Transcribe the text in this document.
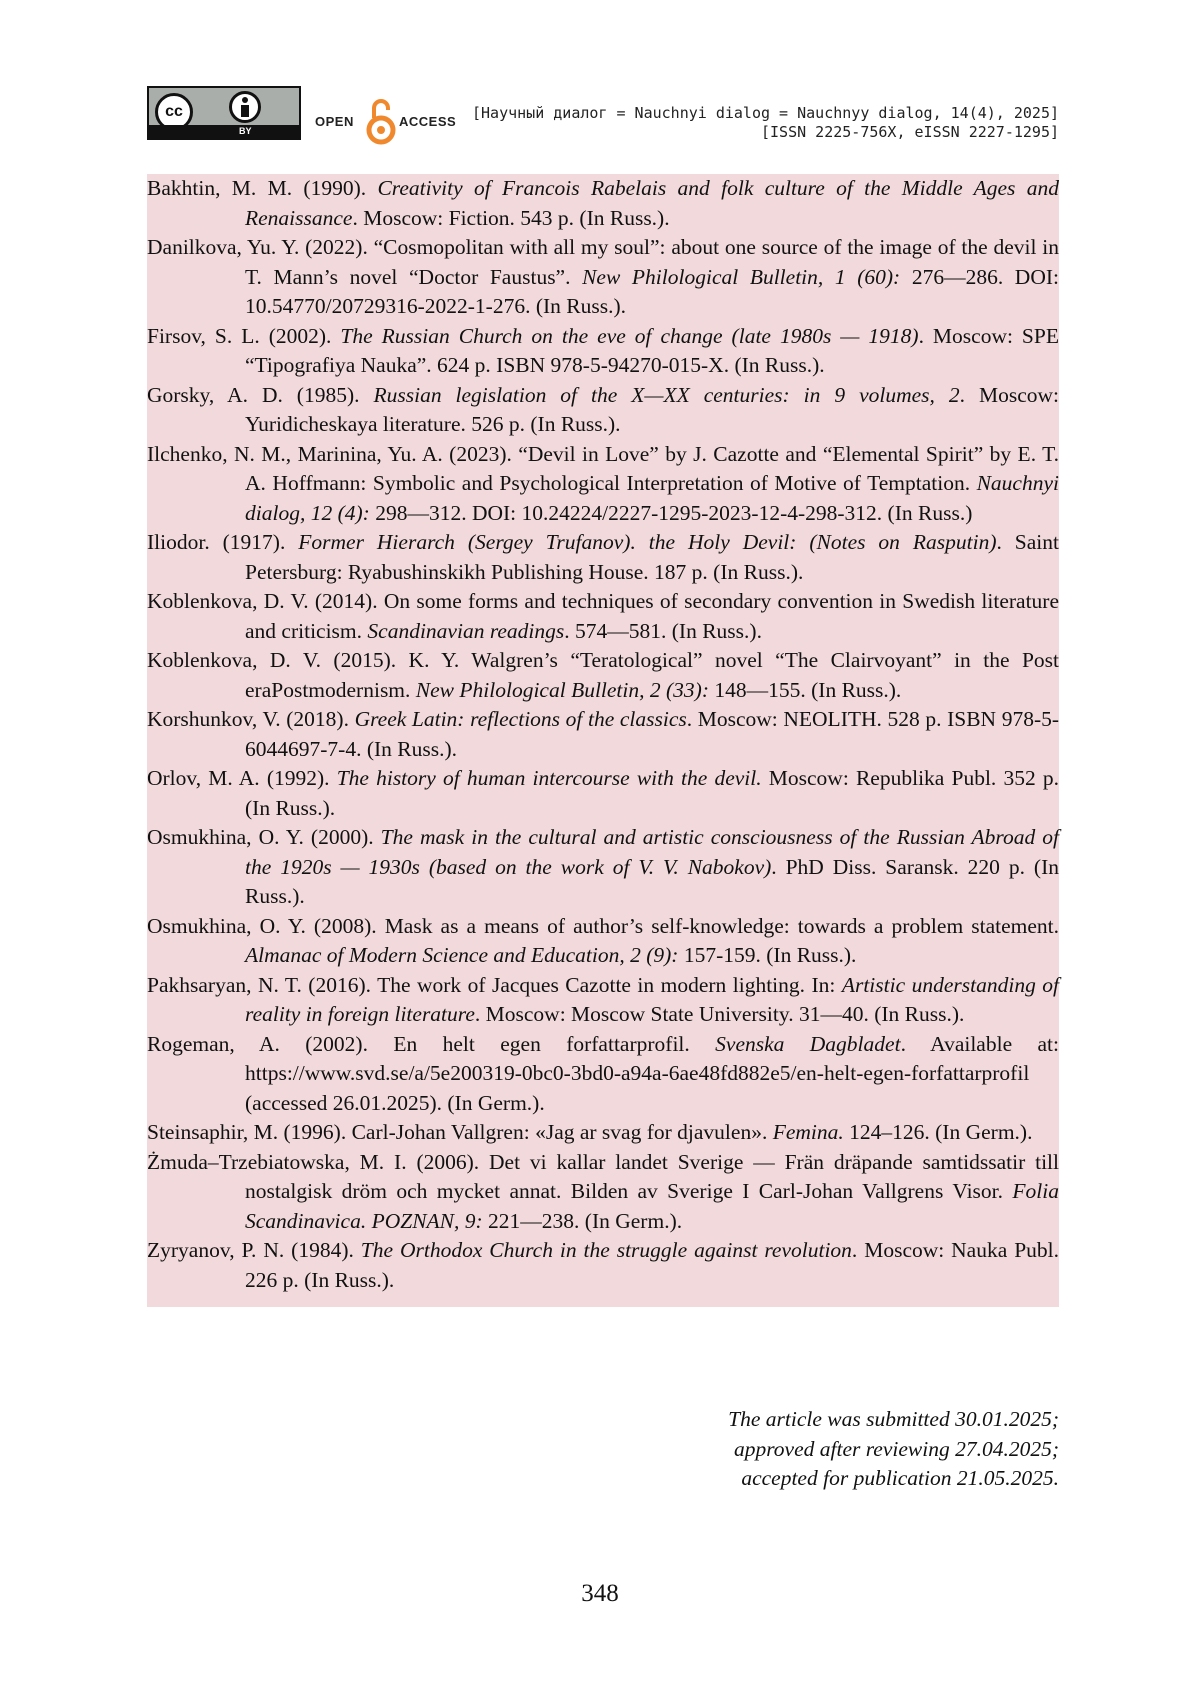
cc
BY
OPEN	ACCESS [Научный диалог = Nauchnyi dialog = Nauchnyy dialog, 14(4), 2025]
[ISSN 2225-756X, eISSN 2227-1295]

Bakhtin, M. M. (1990). Creativity of Francois Rabelais and folk culture of the Middle Ages and Renaissance. Moscow: Fiction. 543 p. (In Russ.).

Danilkova, Yu. Y. (2022). “Cosmopolitan with all my soul”: about one source of the image of the devil in T. Mann’s novel “Doctor Faustus”. New Philological Bulletin, 1 (60): 276—286. DOI: 10.54770/20729316-2022-1-276. (In Russ.).

Firsov, S. L. (2002). The Russian Church on the eve of change (late 1980s — 1918). Moscow: SPE “Tipografiya Nauka”. 624 p. ISBN 978-5-94270-015-X. (In Russ.).

Gorsky, A. D. (1985). Russian legislation of the X—XX centuries: in 9 volumes, 2. Moscow: Yuridicheskaya literature. 526 p. (In Russ.).

Ilchenko, N. M., Marinina, Yu. A. (2023). “Devil in Love” by J. Cazotte and “Elemental Spirit” by E. T. A. Hoffmann: Symbolic and Psychological Interpretation of Motive of Temptation. Nauchnyi dialog, 12 (4): 298—312. DOI: 10.24224/2227-1295-2023-12-4-298-312. (In Russ.)

Iliodor. (1917). Former Hierarch (Sergey Trufanov). the Holy Devil: (Notes on Rasputin). Saint Petersburg: Ryabushinskikh Publishing House. 187 p. (In Russ.).

Koblenkova, D. V. (2014). On some forms and techniques of secondary convention in Swedish literature and criticism. Scandinavian readings. 574—581. (In Russ.).

Koblenkova, D. V. (2015). K. Y. Walgren’s “Teratological” novel “The Clairvoyant” in the Post eraPostmodernism. New Philological Bulletin, 2 (33): 148—155. (In Russ.).

Korshunkov, V. (2018). Greek Latin: reflections of the classics. Moscow: NEOLITH. 528 p. ISBN 978-5-6044697-7-4. (In Russ.).

Orlov, M. A. (1992). The history of human intercourse with the devil. Moscow: Republika Publ. 352 p. (In Russ.).

Osmukhina, O. Y. (2000). The mask in the cultural and artistic consciousness of the Russian Abroad of the 1920s — 1930s (based on the work of V. V. Nabokov). PhD Diss. Saransk. 220 p. (In Russ.).

Osmukhina, O. Y. (2008). Mask as a means of author’s self-knowledge: towards a problem statement. Almanac of Modern Science and Education, 2 (9): 157-159. (In Russ.).

Pakhsaryan, N. T. (2016). The work of Jacques Cazotte in modern lighting. In: Artistic understanding of reality in foreign literature. Moscow: Moscow State University. 31—40. (In Russ.).

Rogeman, A. (2002). En helt egen forfattarprofil. Svenska Dagbladet. Available at: https://www.svd.se/a/5e200319-0bc0-3bd0-a94a-6ae48fd882e5/en-helt-egen-forfattarprofil (accessed 26.01.2025). (In Germ.).

Steinsaphir, M. (1996). Carl-Johan Vallgren: «Jag ar svag for djavulen». Femina. 124–126. (In Germ.).

Żmuda–Trzebiatowska, M. I. (2006). Det vi kallar landet Sverige — Frän dräpande samtidssatir till nostalgisk dröm och mycket annat. Bilden av Sverige I Carl-Johan Vallgrens Visor. Folia Scandinavica. POZNAN, 9: 221—238. (In Germ.).

Zyryanov, P. N. (1984). The Orthodox Church in the struggle against revolution. Moscow: Nauka Publ. 226 p. (In Russ.).

The article was submitted 30.01.2025;
approved after reviewing 27.04.2025;
accepted for publication 21.05.2025.
348
